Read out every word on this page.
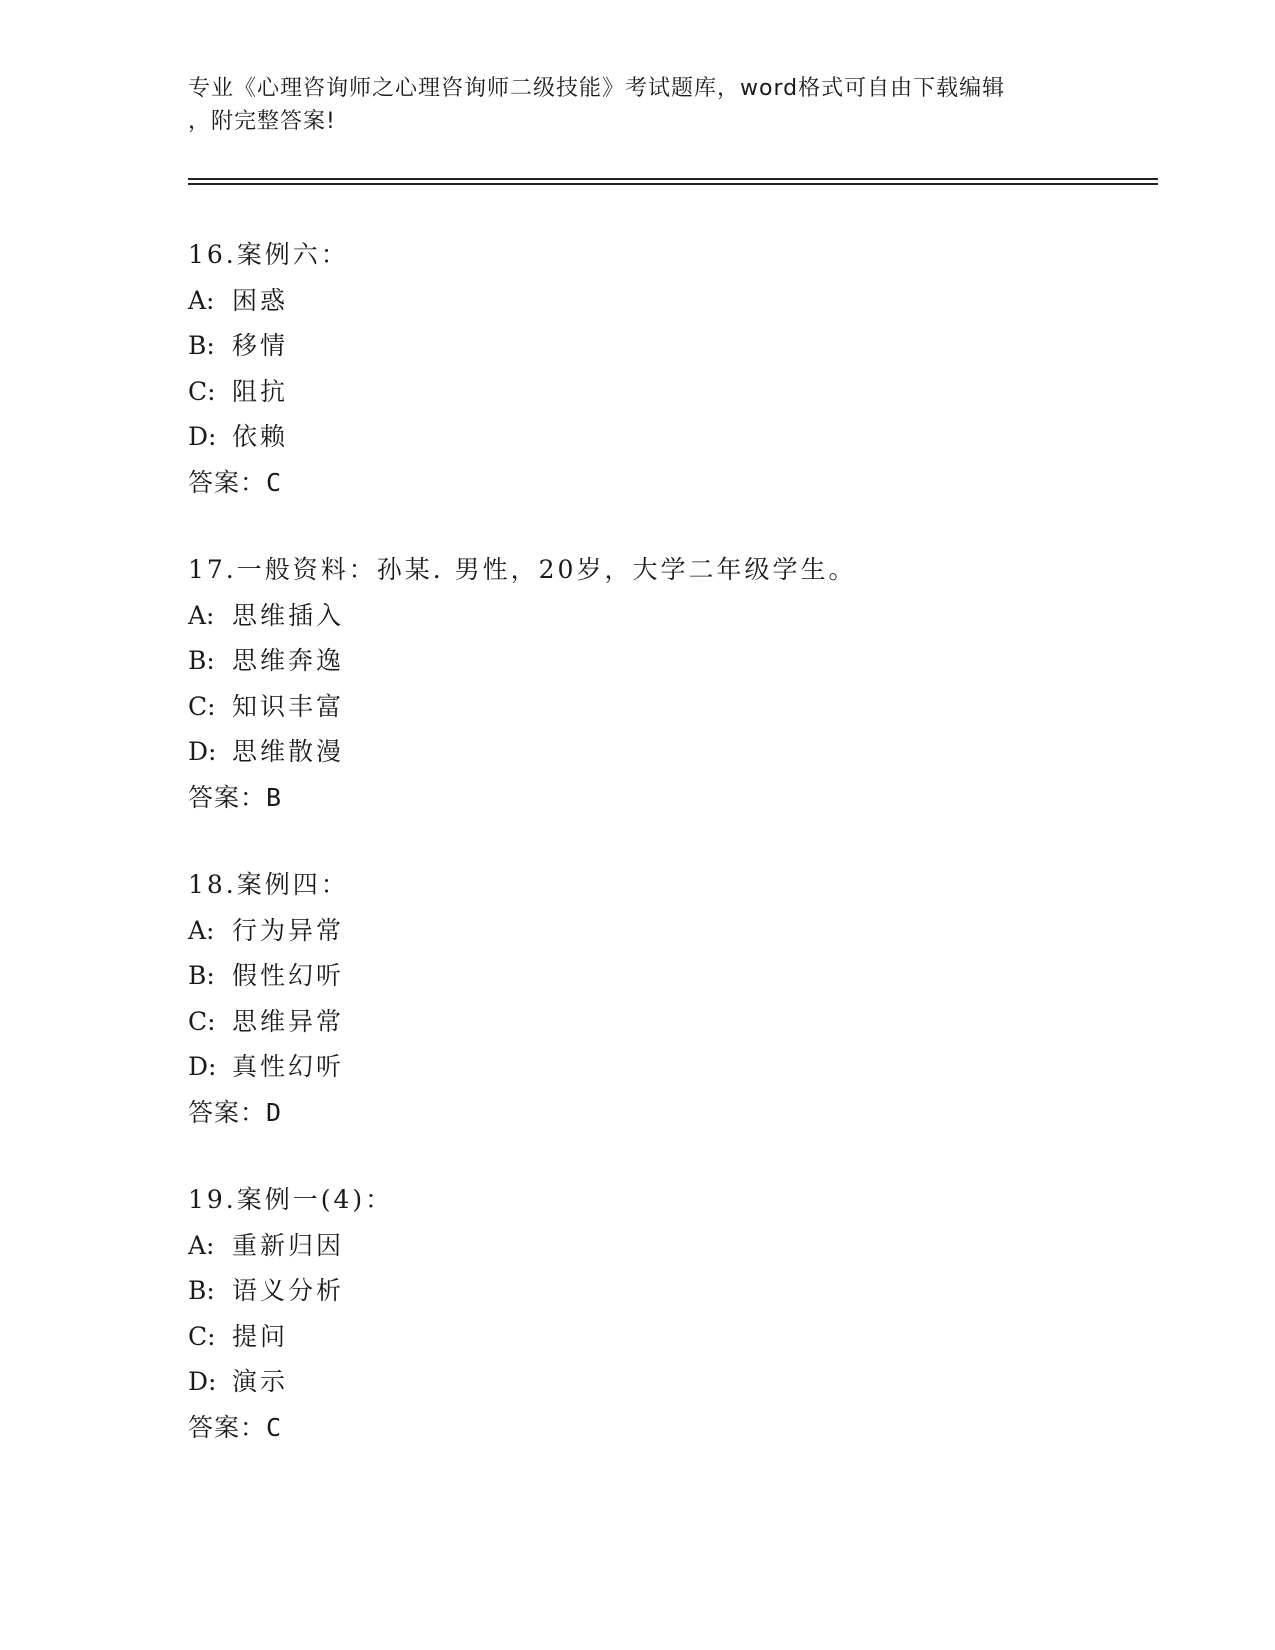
专业《心理咨询师之心理咨询师二级技能》考试题库，word格式可自由下载编辑
，附完整答案!
16.案例六：
A: 困惑
B: 移情
C: 阻抗
D: 依赖
答案：C
17.一般资料：孙某. 男性，20岁，大学二年级学生。
A: 思维插入
B: 思维奔逸
C: 知识丰富
D: 思维散漫
答案：B
18.案例四：
A: 行为异常
B: 假性幻听
C: 思维异常
D: 真性幻听
答案：D
19.案例一(4)：
A: 重新归因
B: 语义分析
C: 提问
D: 演示
答案：C
